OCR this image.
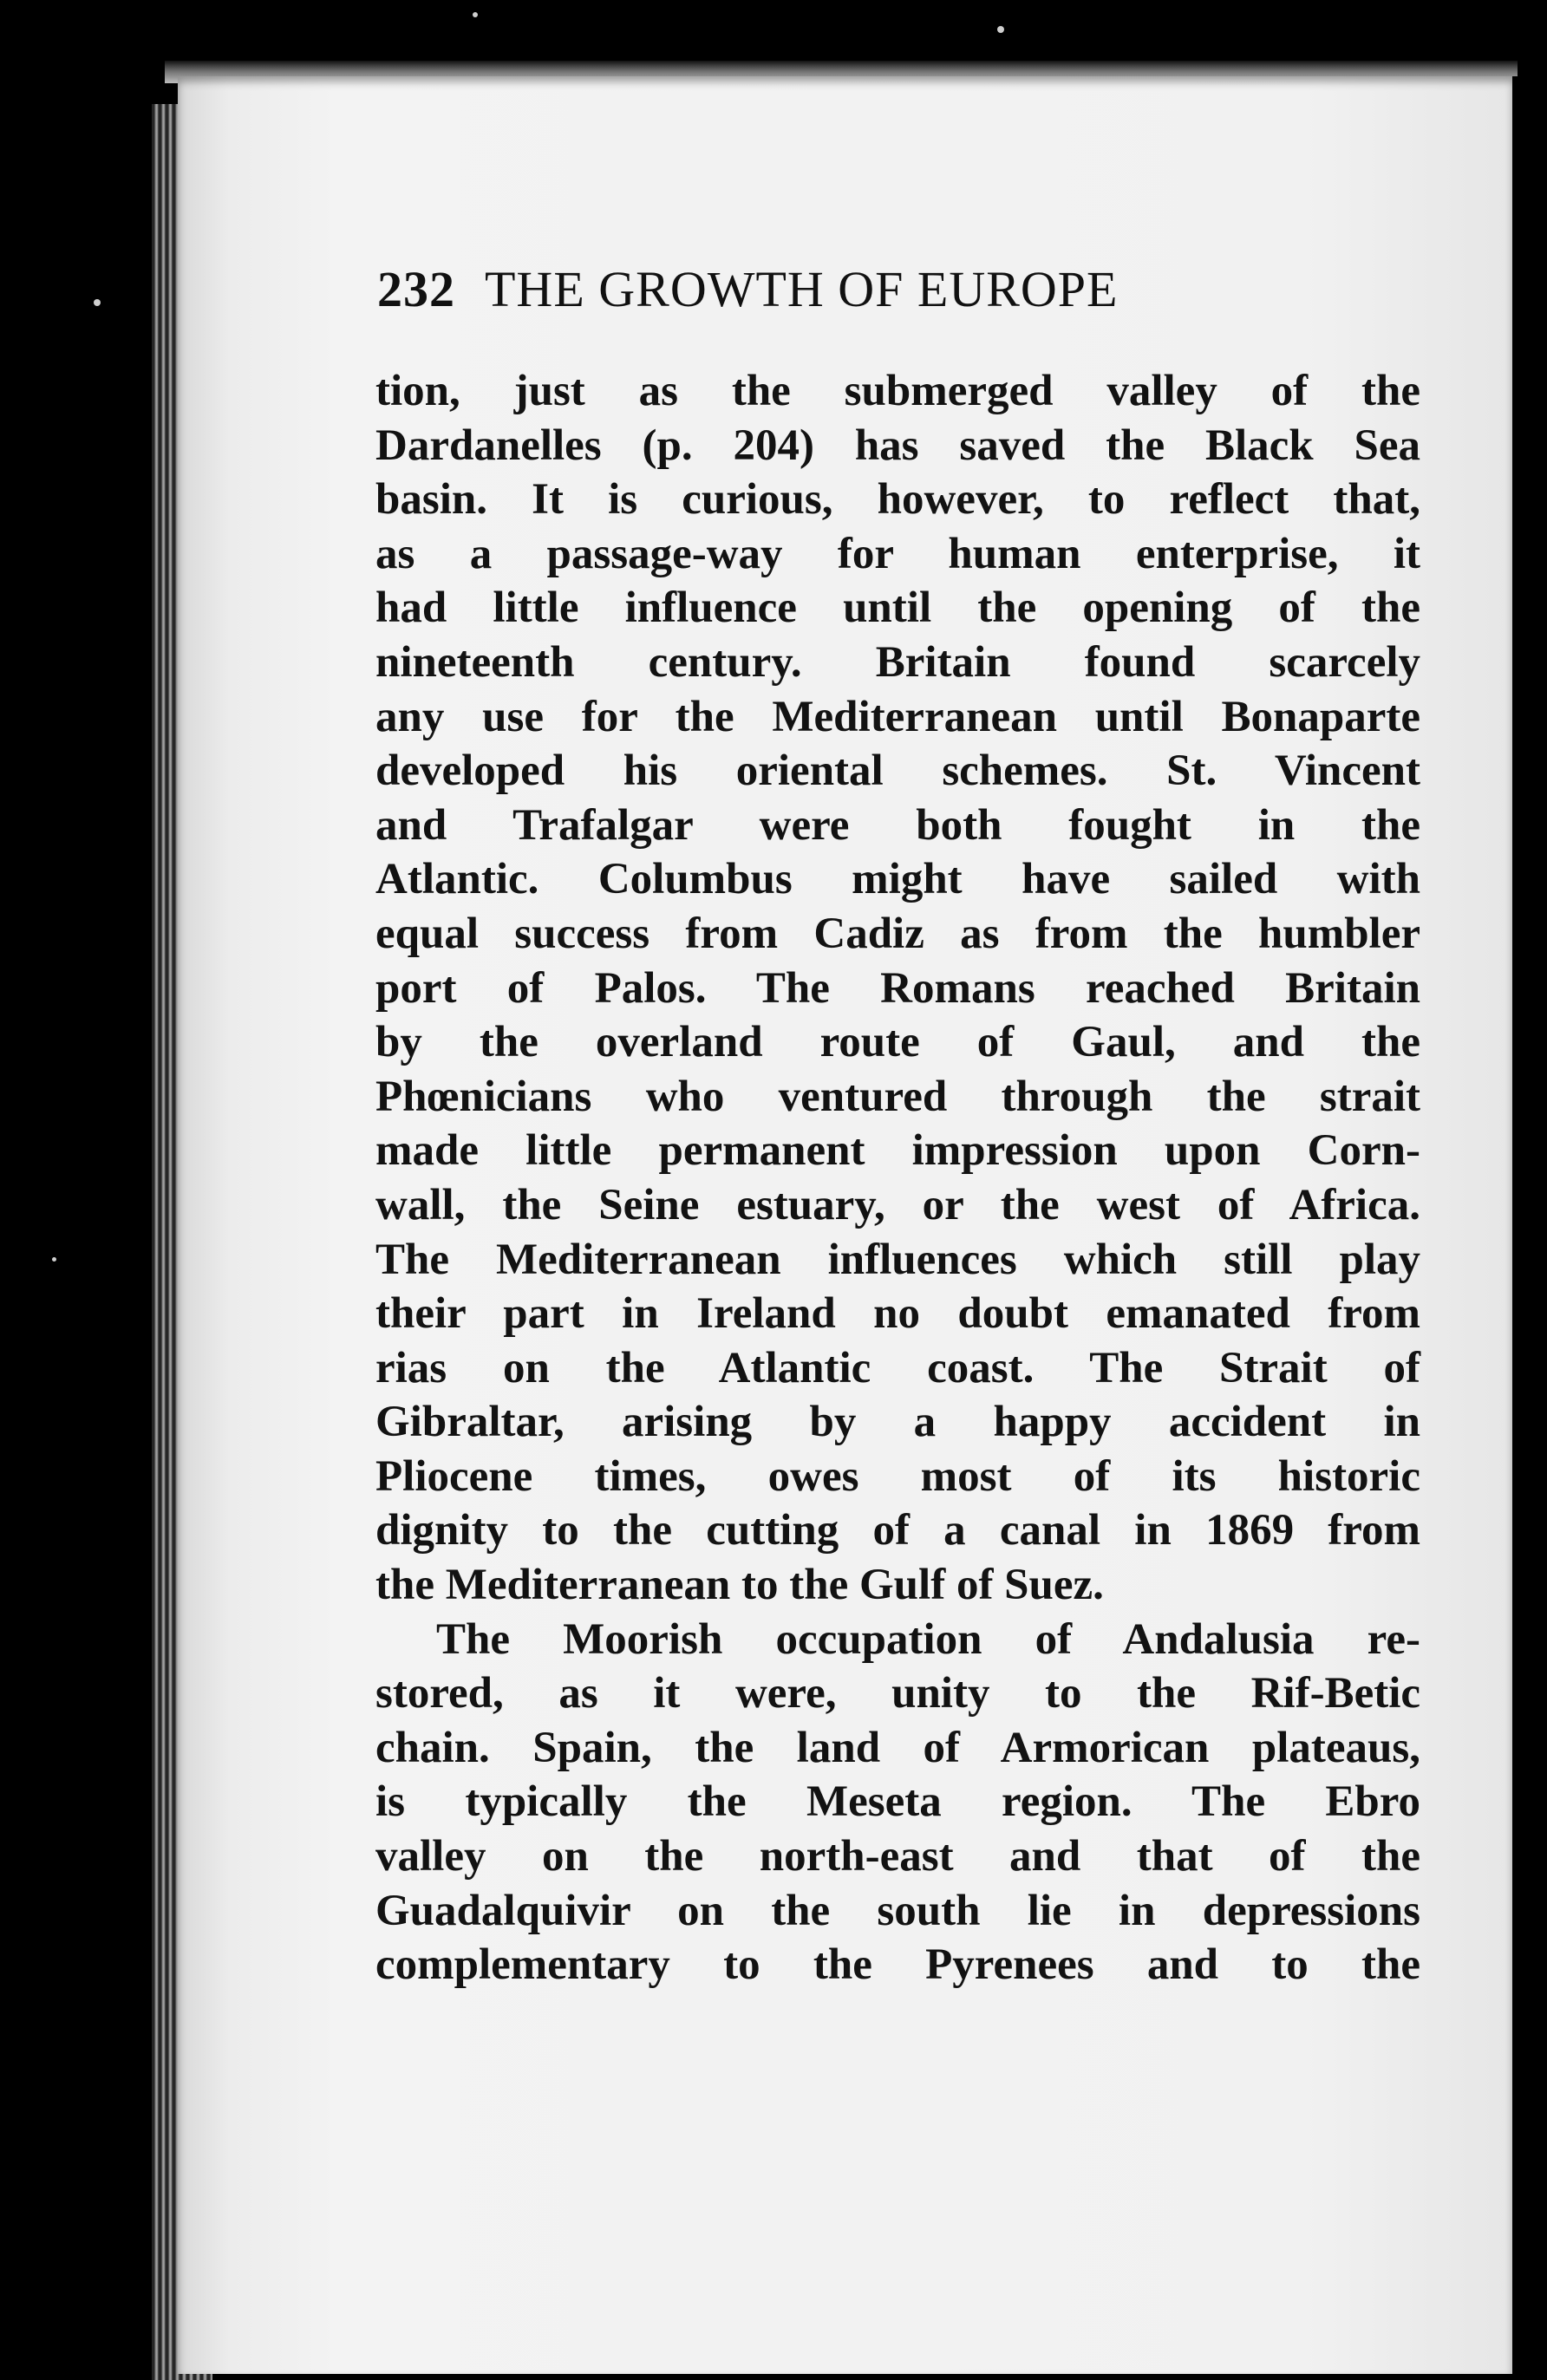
232 THE GROWTH OF EUROPE
tion, just as the submerged valley of the
Dardanelles (p. 204) has saved the Black Sea
basin. It is curious, however, to reflect that,
as a passage-way for human enterprise, it
had little influence until the opening of the
nineteenth century. Britain found scarcely
any use for the Mediterranean until Bonaparte
developed his oriental schemes. St. Vincent
and Trafalgar were both fought in the
Atlantic. Columbus might have sailed with
equal success from Cadiz as from the humbler
port of Palos. The Romans reached Britain
by the overland route of Gaul, and the
Phœnicians who ventured through the strait
made little permanent impression upon Corn-
wall, the Seine estuary, or the west of Africa.
The Mediterranean influences which still play
their part in Ireland no doubt emanated from
rias on the Atlantic coast. The Strait of
Gibraltar, arising by a happy accident in
Pliocene times, owes most of its historic
dignity to the cutting of a canal in 1869 from
the Mediterranean to the Gulf of Suez.
The Moorish occupation of Andalusia re-
stored, as it were, unity to the Rif-Betic
chain. Spain, the land of Armorican plateaus,
is typically the Meseta region. The Ebro
valley on the north-east and that of the
Guadalquivir on the south lie in depressions
complementary to the Pyrenees and to the
